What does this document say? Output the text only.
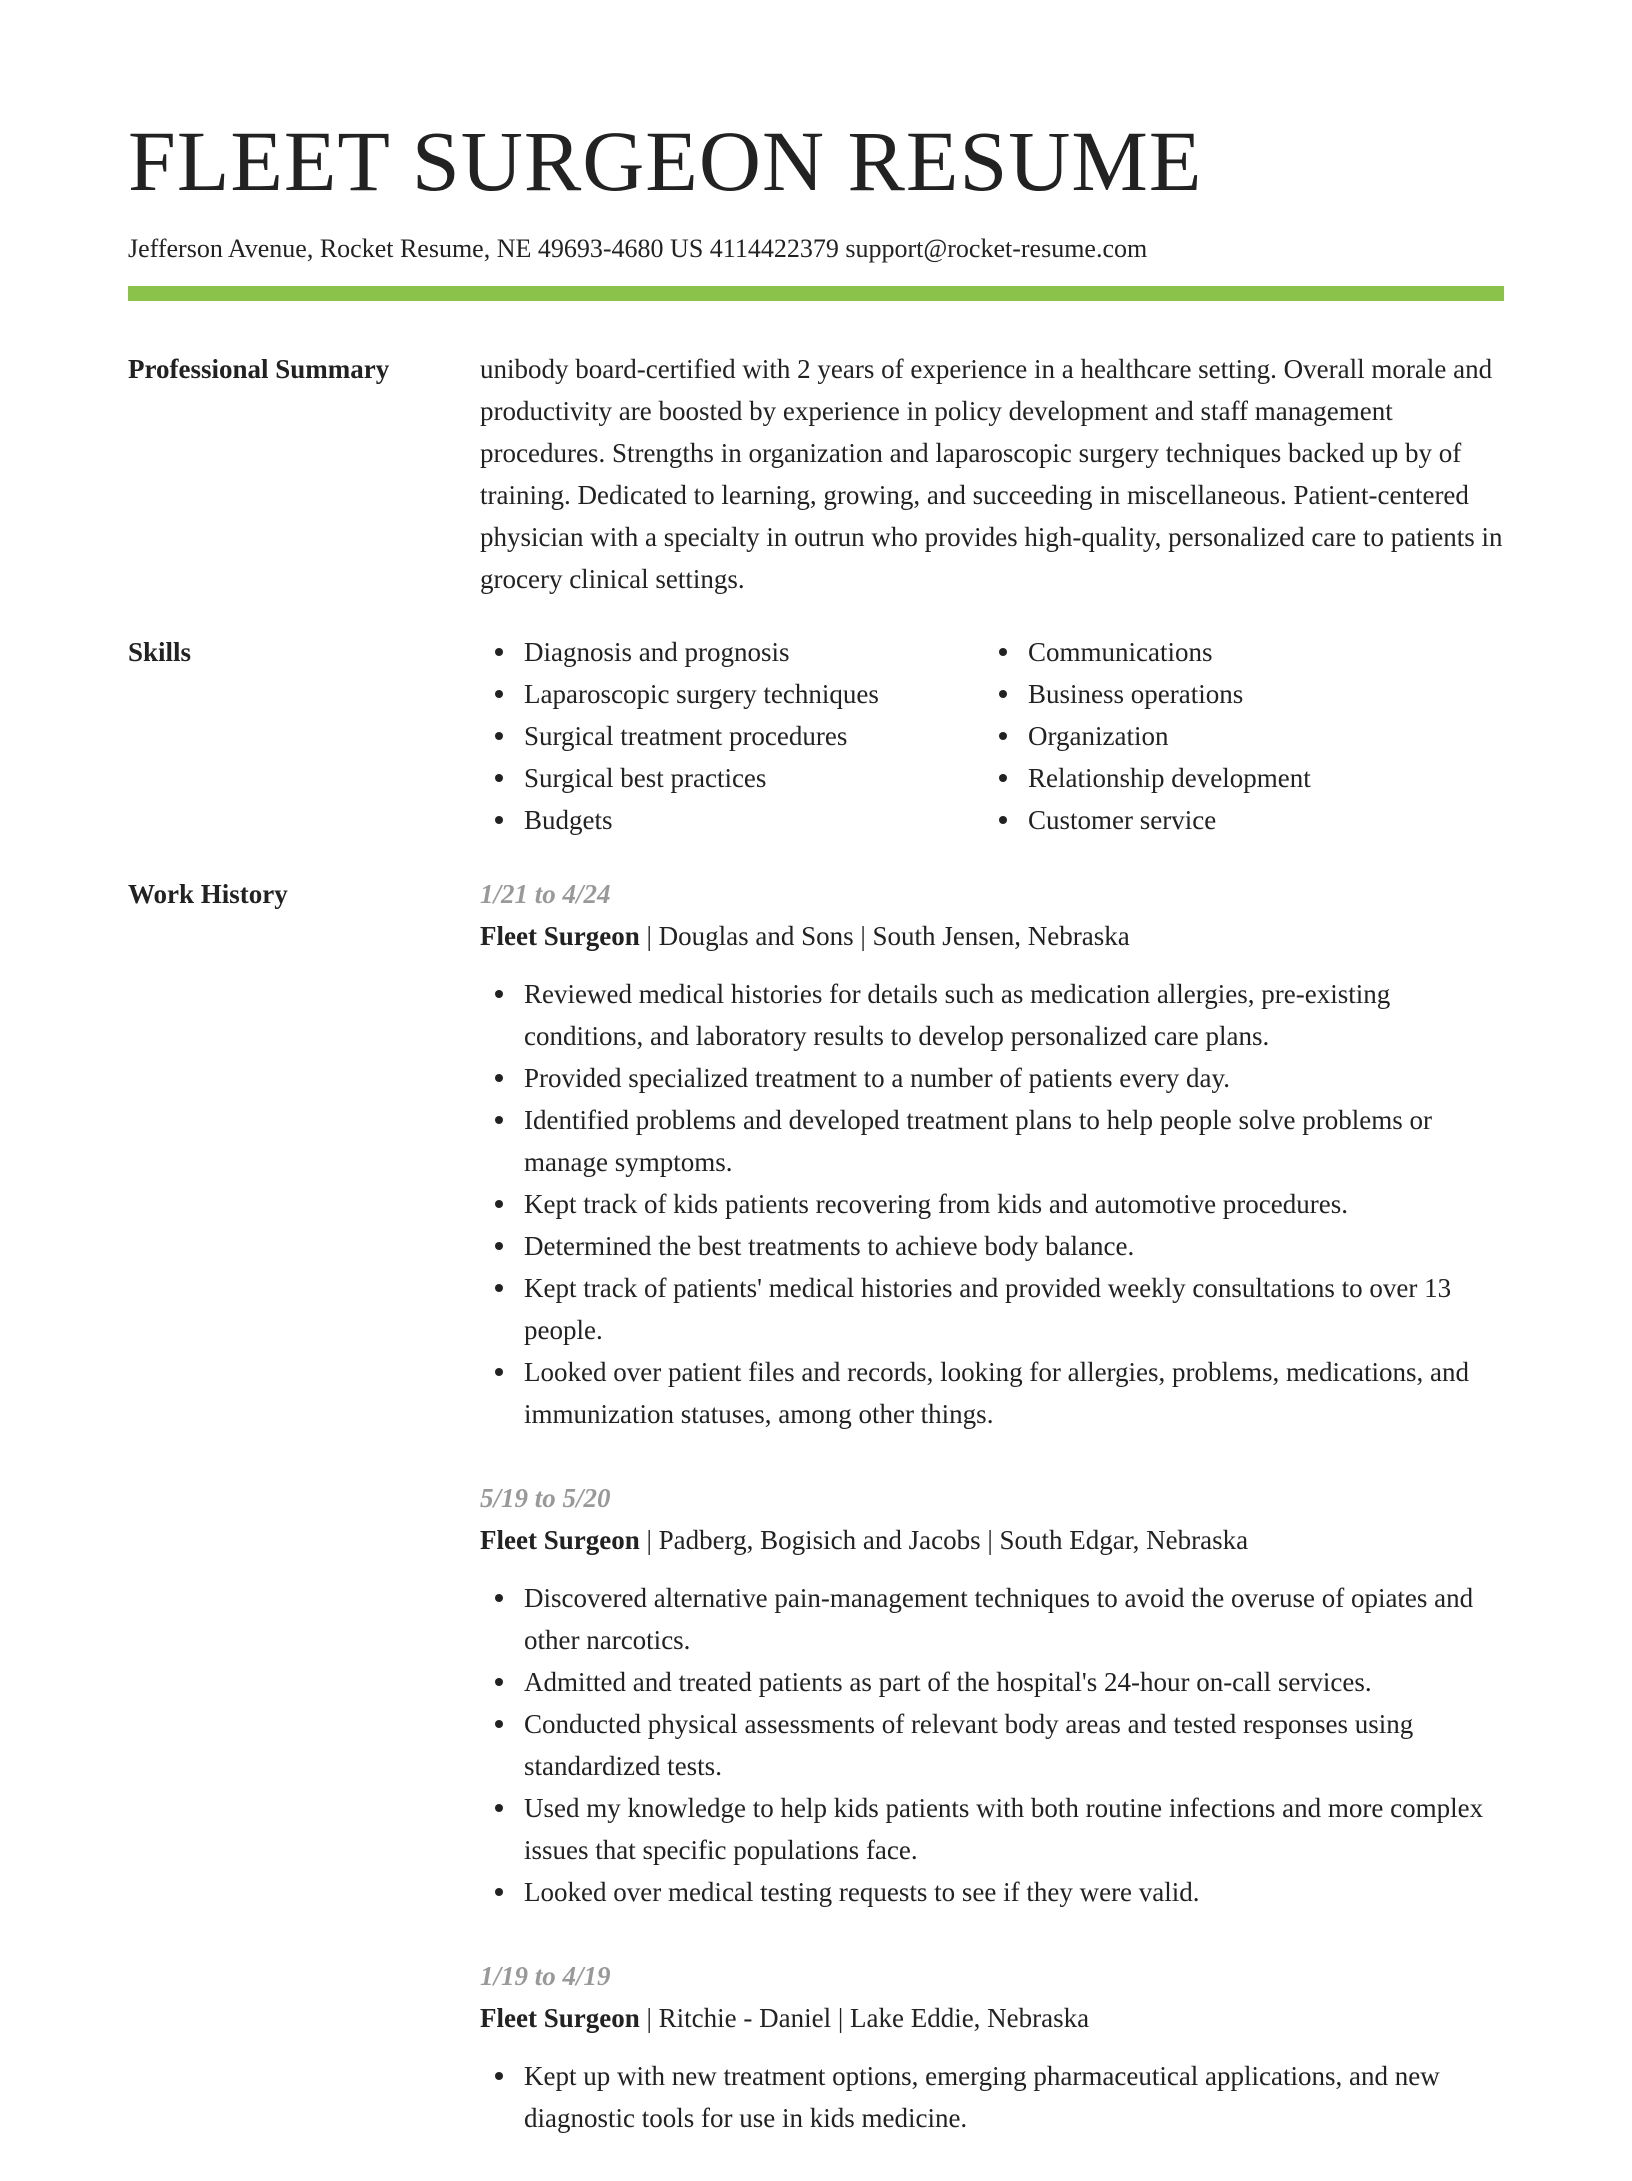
FLEET SURGEON RESUME
Jefferson Avenue, Rocket Resume, NE 49693-4680 US 4114422379 support@rocket-resume.com
Professional Summary	unibody board-certified with 2 years of experience in a healthcare setting. Overall morale and productivity are boosted by experience in policy development and staff management procedures. Strengths in organization and laparoscopic surgery techniques backed up by of training. Dedicated to learning, growing, and succeeding in miscellaneous. Patient-centered physician with a specialty in outrun who provides high-quality, personalized care to patients in grocery clinical settings.

Skills	Diagnosis and prognosis
Laparoscopic surgery techniques
Surgical treatment procedures
Surgical best practices
Budgets
Communications
Business operations
Organization
Relationship development
Customer service
Work History	1/21 to 4/24
Fleet Surgeon | Douglas and Sons | South Jensen, Nebraska
Reviewed medical histories for details such as medication allergies, pre-existing conditions, and laboratory results to develop personalized care plans.
Provided specialized treatment to a number of patients every day.
Identified problems and developed treatment plans to help people solve problems or manage symptoms.
Kept track of kids patients recovering from kids and automotive procedures.
Determined the best treatments to achieve body balance.
Kept track of patients' medical histories and provided weekly consultations to over 13 people.
Looked over patient files and records, looking for allergies, problems, medications, and immunization statuses, among other things.
5/19 to 5/20
Fleet Surgeon | Padberg, Bogisich and Jacobs | South Edgar, Nebraska
Discovered alternative pain-management techniques to avoid the overuse of opiates and other narcotics.
Admitted and treated patients as part of the hospital's 24-hour on-call services.
Conducted physical assessments of relevant body areas and tested responses using standardized tests.
Used my knowledge to help kids patients with both routine infections and more complex issues that specific populations face.
Looked over medical testing requests to see if they were valid.
1/19 to 4/19
Fleet Surgeon | Ritchie - Daniel | Lake Eddie, Nebraska
Kept up with new treatment options, emerging pharmaceutical applications, and new diagnostic tools for use in kids medicine.
